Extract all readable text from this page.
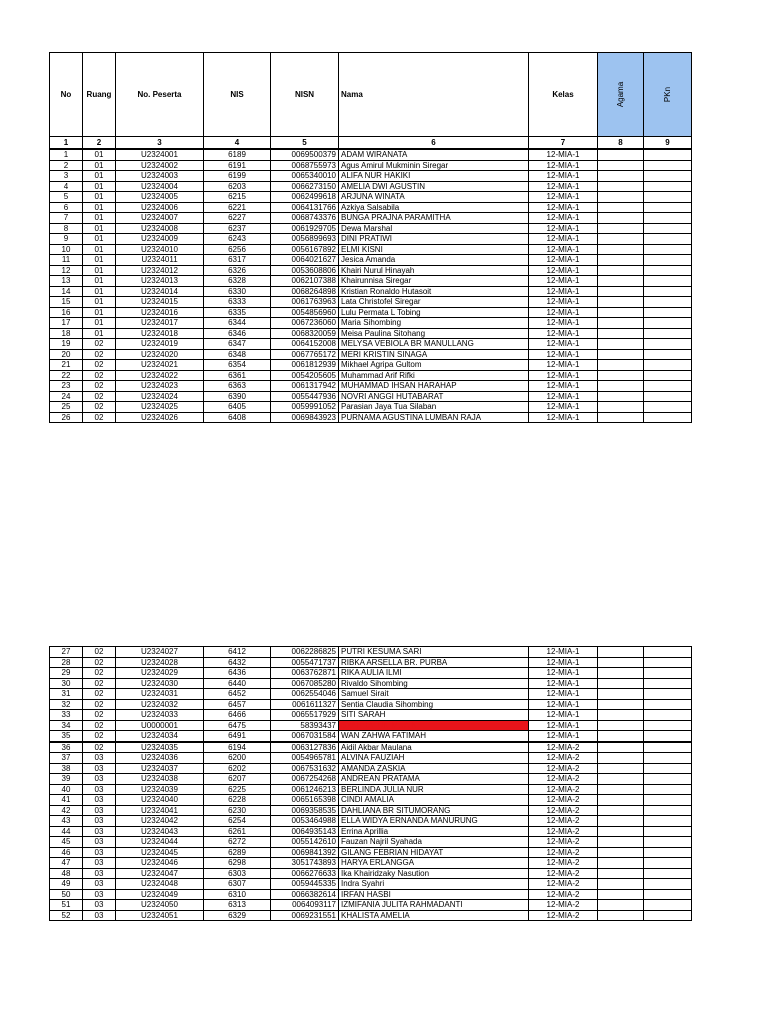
No	Ruang	No. Peserta	NIS	NISN	Nama	Kelas	Agama	PKn
1	2	3	4	5	6	7	8	9
1	01	U2324001	6189	0069500379	ADAM WIRANATA	12-MIA-1		
2	01	U2324002	6191	0068755973	Agus Amirul Mukminin Siregar	12-MIA-1		
3	01	U2324003	6199	0065340010	ALIFA NUR HAKIKI	12-MIA-1		
4	01	U2324004	6203	0066273150	AMELIA DWI AGUSTIN	12-MIA-1		
5	01	U2324005	6215	0062499618	ARJUNA WINATA	12-MIA-1		
6	01	U2324006	6221	0064131766	Azkiya Salsabila	12-MIA-1		
7	01	U2324007	6227	0068743376	BUNGA PRAJNA PARAMITHA	12-MIA-1		
8	01	U2324008	6237	0061929705	Dewa Marshal	12-MIA-1		
9	01	U2324009	6243	0056899693	DINI PRATIWI	12-MIA-1		
10	01	U2324010	6256	0056167892	ELMI KISNI	12-MIA-1		
11	01	U2324011	6317	0064021627	Jesica Amanda	12-MIA-1		
12	01	U2324012	6326	0053608806	Khairi Nurul Hinayah	12-MIA-1		
13	01	U2324013	6328	0062107388	Khairunnisa Siregar	12-MIA-1		
14	01	U2324014	6330	0068264898	Kristian Ronaldo Hutasoit	12-MIA-1		
15	01	U2324015	6333	0061763963	Lata Christofel Siregar	12-MIA-1		
16	01	U2324016	6335	0054856960	Lulu Permata L Tobing	12-MIA-1		
17	01	U2324017	6344	0067236060	Maria Sihombing	12-MIA-1		
18	01	U2324018	6346	0068320059	Meisa Paulina Sitohang	12-MIA-1		
19	02	U2324019	6347	0064152008	MELYSA VEBIOLA BR MANULLANG	12-MIA-1		
20	02	U2324020	6348	0067765172	MERI KRISTIN SINAGA	12-MIA-1		
21	02	U2324021	6354	0061812939	Mikhael Agripa Gultom	12-MIA-1		
22	02	U2324022	6361	0054205605	Muhammad Arif Rifki	12-MIA-1		
23	02	U2324023	6363	0061317942	MUHAMMAD IHSAN HARAHAP	12-MIA-1		
24	02	U2324024	6390	0055447936	NOVRI ANGGI HUTABARAT	12-MIA-1		
25	02	U2324025	6405	0059991052	Parasian Jaya Tua Silaban	12-MIA-1		
26	02	U2324026	6408	0069843923	PURNAMA AGUSTINA LUMBAN RAJA	12-MIA-1		
27	02	U2324027	6412	0062286825	PUTRI KESUMA SARI	12-MIA-1		
28	02	U2324028	6432	0055471737	RIBKA ARSELLA BR. PURBA	12-MIA-1		
29	02	U2324029	6436	0063762871	RIKA AULIA ILMI	12-MIA-1		
30	02	U2324030	6440	0067085280	Rivaldo Sihombing	12-MIA-1		
31	02	U2324031	6452	0062554046	Samuel Sirait	12-MIA-1		
32	02	U2324032	6457	0061611327	Sentia Claudia Sihombing	12-MIA-1		
33	02	U2324033	6466	0065517929	SITI SARAH	12-MIA-1		
34	02	U0000001	6475	58393437	SYAHRATUN MUAINI	12-MIA-1		
35	02	U2324034	6491	0067031584	WAN ZAHWA FATIMAH	12-MIA-1		
36	02	U2324035	6194	0063127836	Aidil Akbar Maulana	12-MIA-2		
37	03	U2324036	6200	0054965781	ALVINA FAUZIAH	12-MIA-2		
38	03	U2324037	6202	0067531632	AMANDA ZASKIA	12-MIA-2		
39	03	U2324038	6207	0067254268	ANDREAN PRATAMA	12-MIA-2		
40	03	U2324039	6225	0061246213	BERLINDA JULIA NUR	12-MIA-2		
41	03	U2324040	6228	0065165398	CINDI AMALIA	12-MIA-2		
42	03	U2324041	6230	0069358535	DAHLIANA BR SITUMORANG	12-MIA-2		
43	03	U2324042	6254	0053464988	ELLA WIDYA ERNANDA MANURUNG	12-MIA-2		
44	03	U2324043	6261	0064935143	Errina Aprillia	12-MIA-2		
45	03	U2324044	6272	0055142610	Fauzan Najril Syahada	12-MIA-2		
46	03	U2324045	6289	0069841392	GILANG FEBRIAN HIDAYAT	12-MIA-2		
47	03	U2324046	6298	3051743893	HARYA ERLANGGA	12-MIA-2		
48	03	U2324047	6303	0066276633	Ika Khairidzaky Nasution	12-MIA-2		
49	03	U2324048	6307	0059445335	Indra Syahri	12-MIA-2		
50	03	U2324049	6310	0066382614	IRFAN HASBI	12-MIA-2		
51	03	U2324050	6313	0064093117	IZMIFANIA JULITA RAHMADANTI	12-MIA-2		
52	03	U2324051	6329	0069231551	KHALISTA AMELIA	12-MIA-2		
